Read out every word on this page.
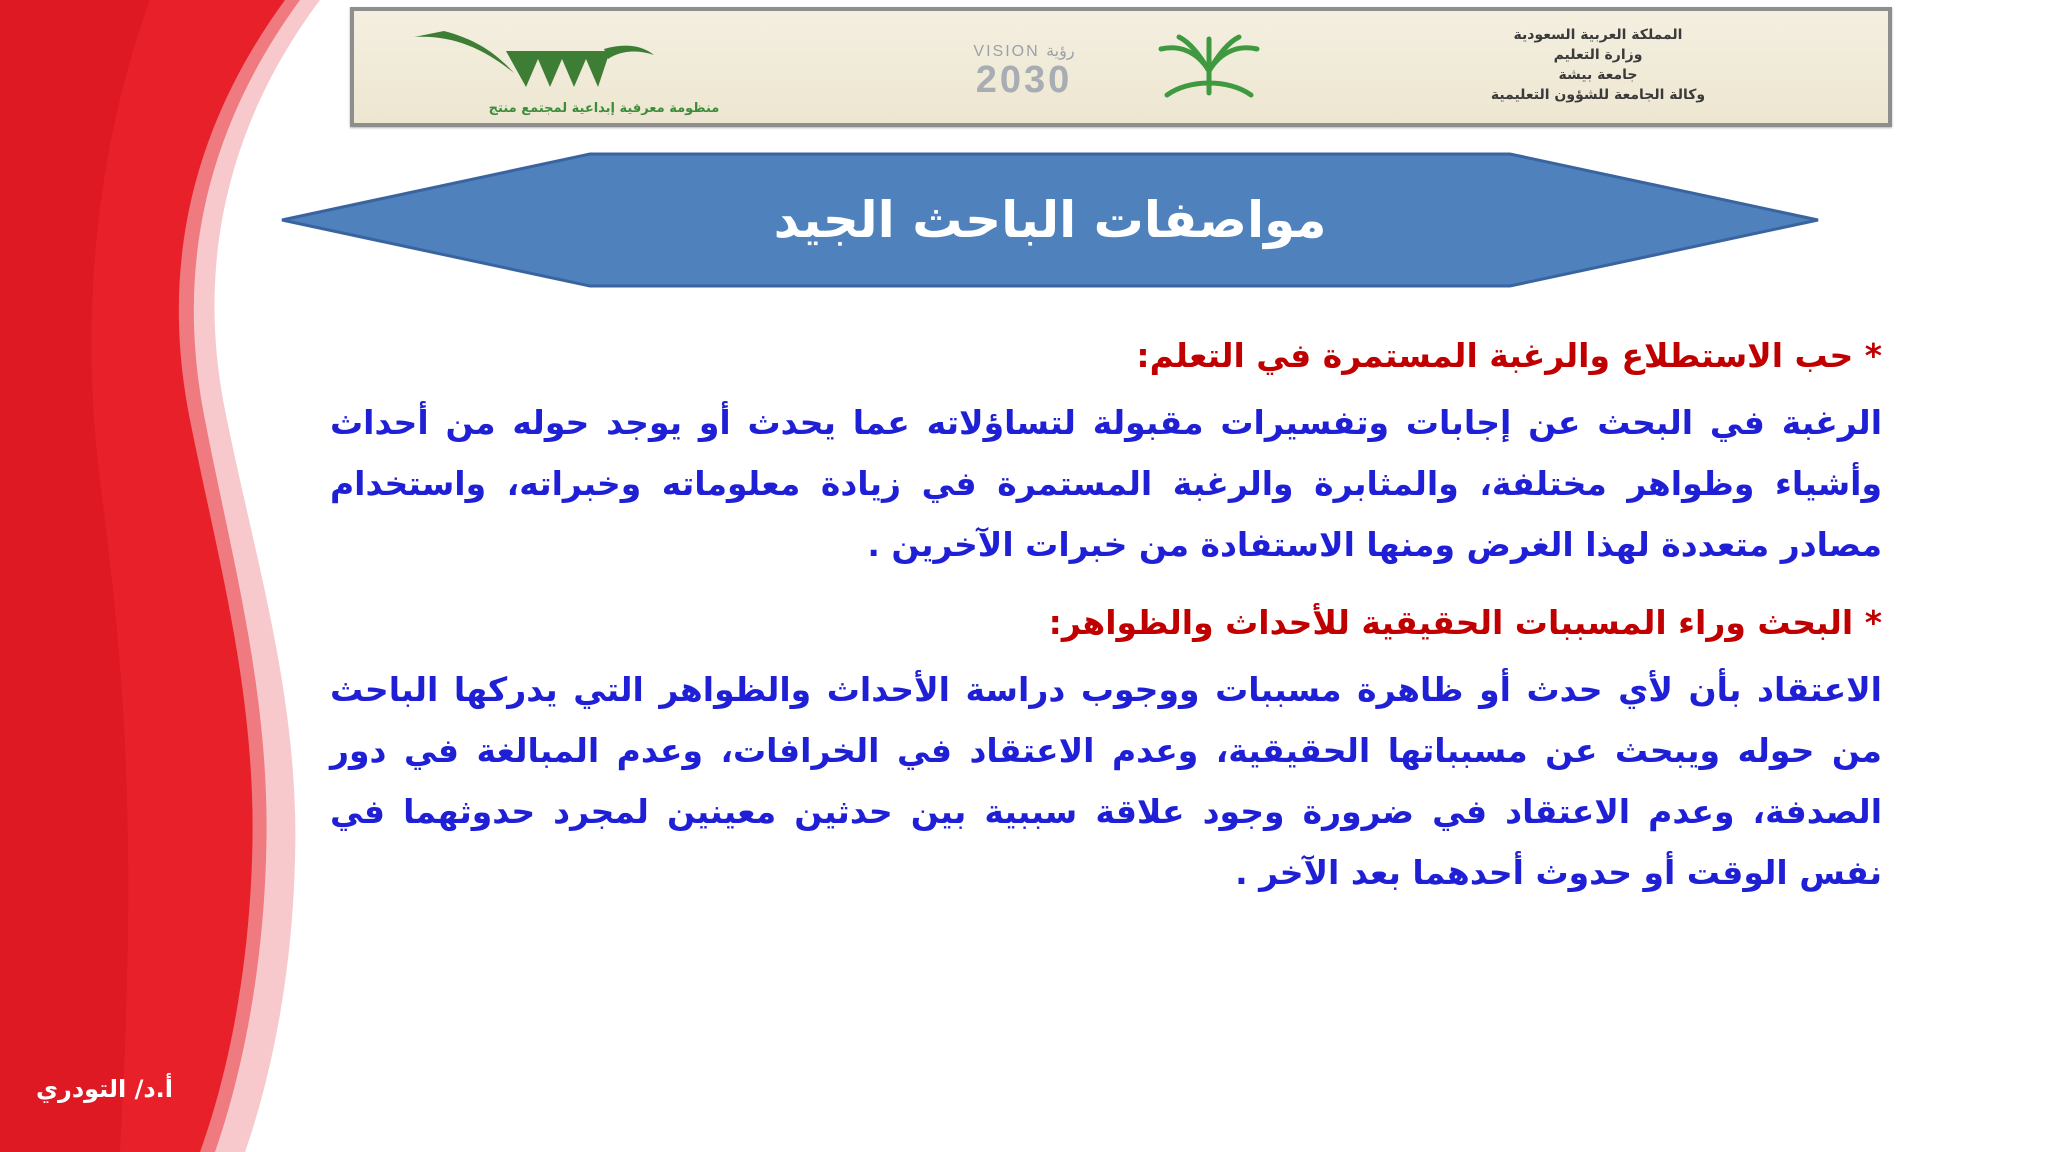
المملكة العربية السعودية
وزارة التعليم
جامعة بيشة
وكالة الجامعة للشؤون التعليمية
VISION رؤية
2030
منظومة معرفية إبداعية لمجتمع منتج
مواصفات الباحث الجيد

* حب الاستطلاع والرغبة المستمرة في التعلم:

الرغبة في البحث عن إجابات وتفسيرات مقبولة لتساؤلاته عما يحدث أو يوجد حوله من أحداث وأشياء وظواهر مختلفة، والمثابرة والرغبة المستمرة في زيادة معلوماته وخبراته، واستخدام مصادر متعددة لهذا الغرض ومنها الاستفادة من خبرات الآخرين .

* البحث وراء المسببات الحقيقية للأحداث والظواهر:

الاعتقاد بأن لأي حدث أو ظاهرة مسببات ووجوب دراسة الأحداث والظواهر التي يدركها الباحث من حوله ويبحث عن مسبباتها الحقيقية، وعدم الاعتقاد في الخرافات، وعدم المبالغة في دور الصدفة، وعدم الاعتقاد في ضرورة وجود علاقة سببية بين حدثين معينين لمجرد حدوثهما في نفس الوقت أو حدوث أحدهما بعد الآخر .

أ.د/ التودري
